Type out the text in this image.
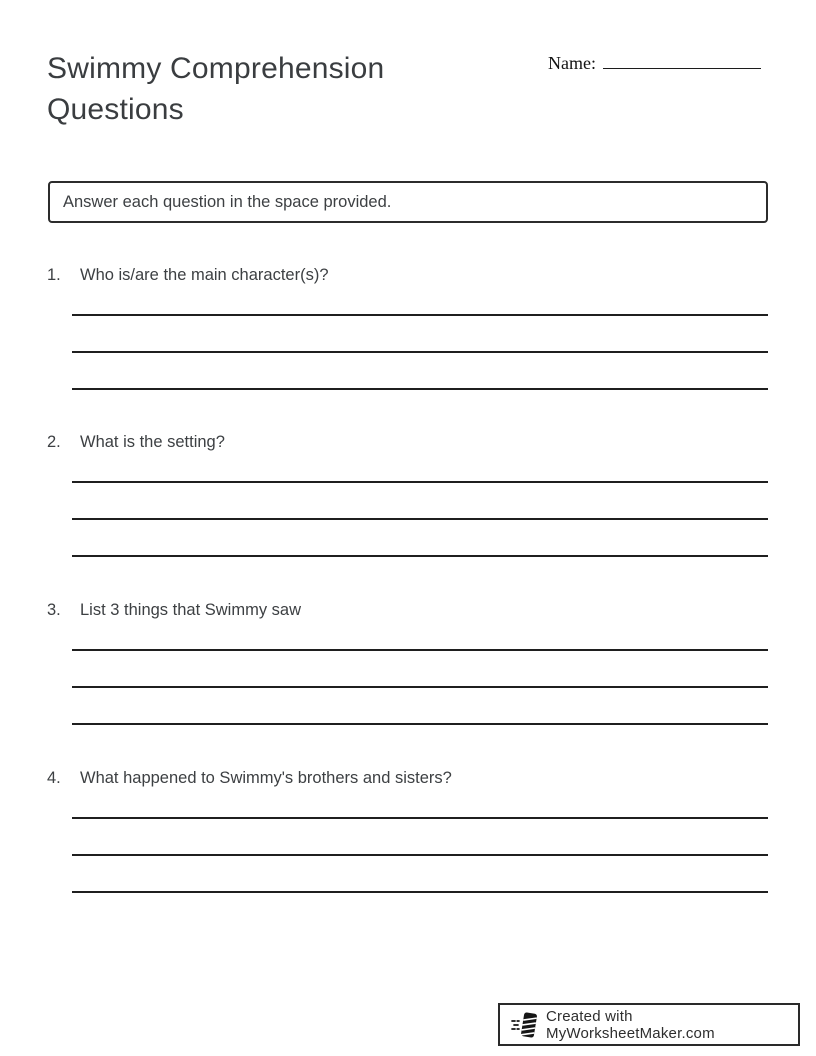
Swimmy Comprehension Questions
Name:
Answer each question in the space provided.
1.	Who is/are the main character(s)?
2.	What is the setting?
3.	List 3 things that Swimmy saw
4.	What happened to Swimmy's brothers and sisters?
Created with MyWorksheetMaker.com
